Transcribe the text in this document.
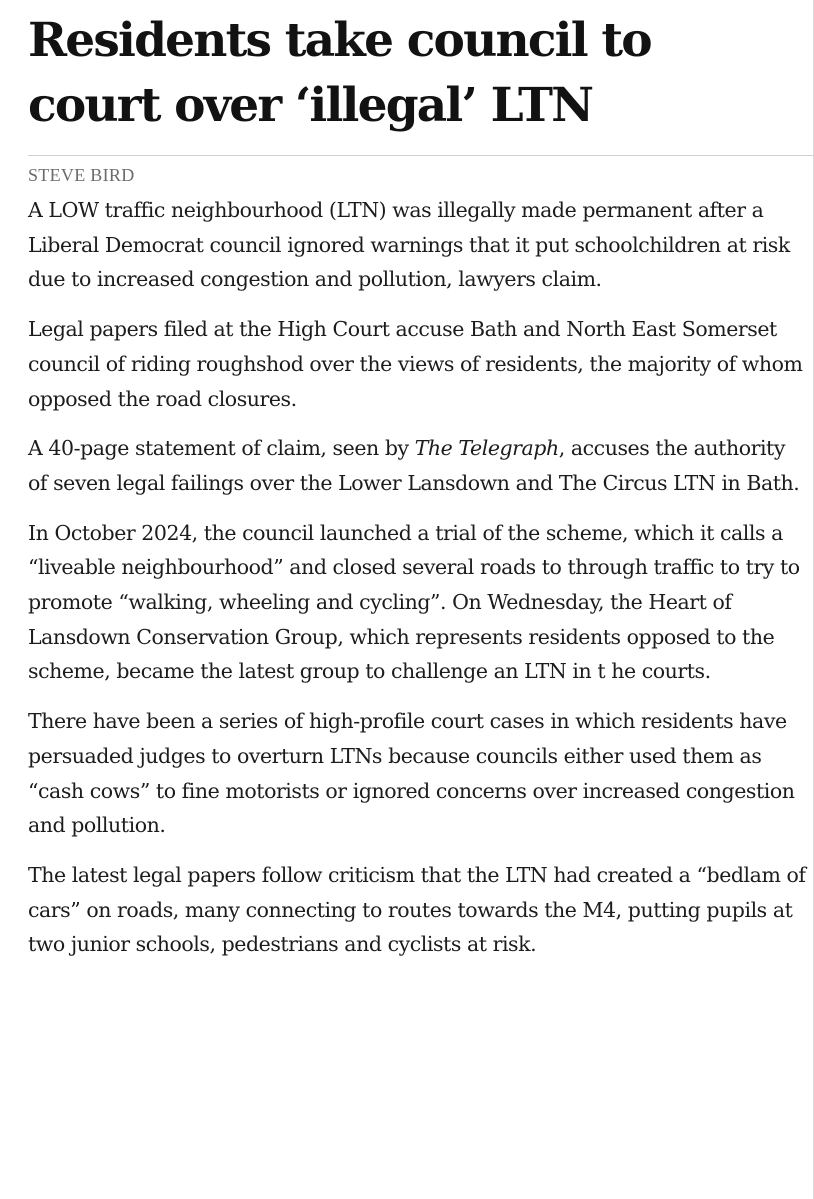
Residents take council to court over ‘illegal’ LTN
STEVE BIRD

A LOW traffic neighbourhood (LTN) was illegally made permanent after a Liberal Democrat council ignored warnings that it put schoolchildren at risk due to increased congestion and pollution, lawyers claim.

Legal papers filed at the High Court accuse Bath and North East Somerset council of riding roughshod over the views of residents, the majority of whom opposed the road closures.

A 40-page statement of claim, seen by The Telegraph, accuses the authority of seven legal failings over the Lower Lansdown and The Circus LTN in Bath.

In October 2024, the council launched a trial of the scheme, which it calls a “liveable neighbourhood” and closed several roads to through traffic to try to promote “walking, wheeling and cycling”. On Wednesday, the Heart of Lansdown Conservation Group, which represents residents opposed to the scheme, became the latest group to challenge an LTN in t he courts.

There have been a series of high-profile court cases in which residents have persuaded judges to overturn LTNs because councils either used them as “cash cows” to fine motorists or ignored concerns over increased congestion and pollution.

The latest legal papers follow criticism that the LTN had created a “bedlam of cars” on roads, many connecting to routes towards the M4, putting pupils at two junior schools, pedestrians and cyclists at risk.
